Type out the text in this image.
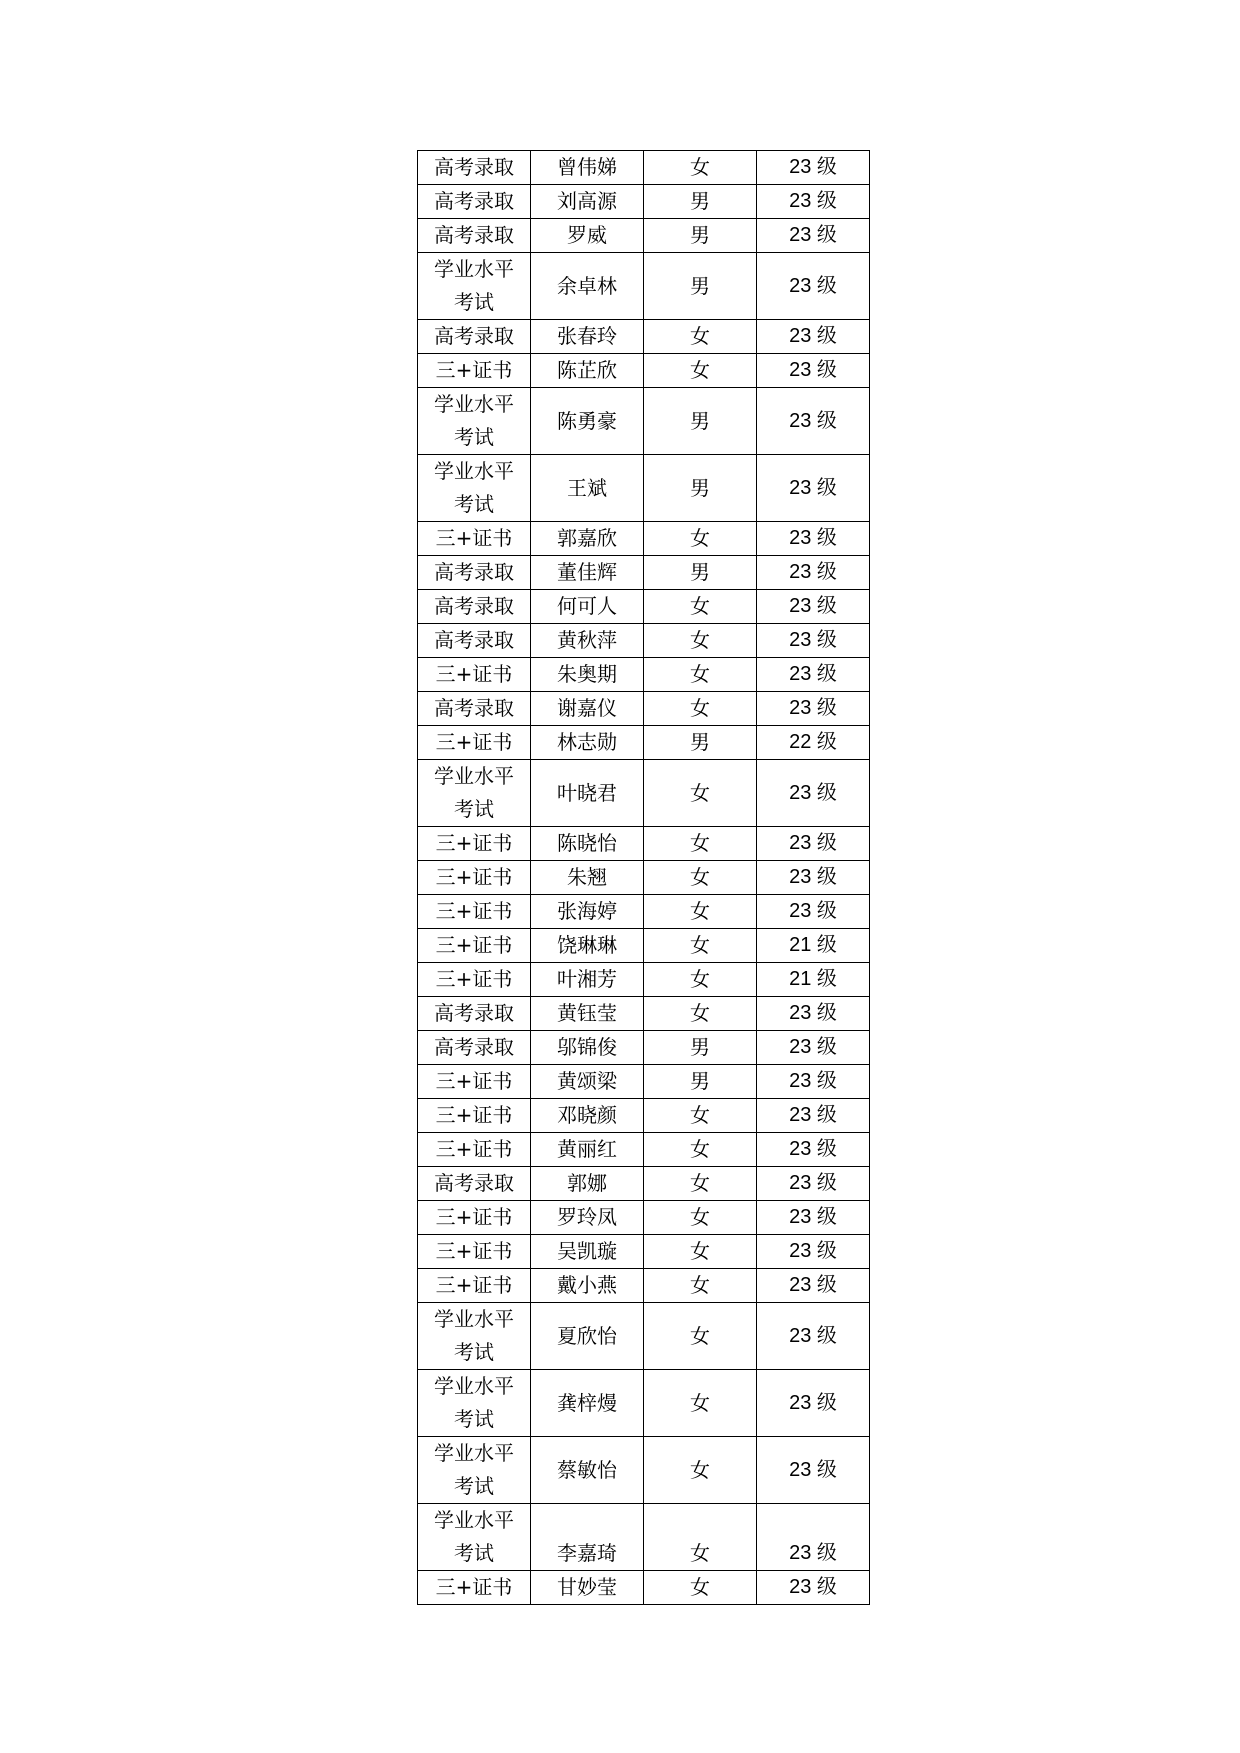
高考录取	曾伟娣	女	23 级

高考录取	刘高源	男	23 级

高考录取	罗威	男	23 级

学业水平
考试	余卓林	男	23 级

高考录取	张春玲	女	23 级

三+证书	陈芷欣	女	23 级

学业水平
考试	陈勇豪	男	23 级

学业水平
考试	王斌	男	23 级

三+证书	郭嘉欣	女	23 级

高考录取	董佳辉	男	23 级

高考录取	何可人	女	23 级

高考录取	黄秋萍	女	23 级

三+证书	朱奥期	女	23 级

高考录取	谢嘉仪	女	23 级

三+证书	林志勋	男	22 级

学业水平
考试	叶晓君	女	23 级

三+证书	陈晓怡	女	23 级

三+证书	朱翘	女	23 级

三+证书	张海婷	女	23 级

三+证书	饶琳琳	女	21 级

三+证书	叶湘芳	女	21 级

高考录取	黄钰莹	女	23 级

高考录取	邬锦俊	男	23 级

三+证书	黄颂梁	男	23 级

三+证书	邓晓颜	女	23 级

三+证书	黄丽红	女	23 级

高考录取	郭娜	女	23 级

三+证书	罗玲凤	女	23 级

三+证书	吴凯璇	女	23 级

三+证书	戴小燕	女	23 级

学业水平
考试	夏欣怡	女	23 级

学业水平
考试	龚梓熳	女	23 级

学业水平
考试	蔡敏怡	女	23 级

学业水平
考试	李嘉琦	女	23 级

三+证书	甘妙莹	女	23 级
